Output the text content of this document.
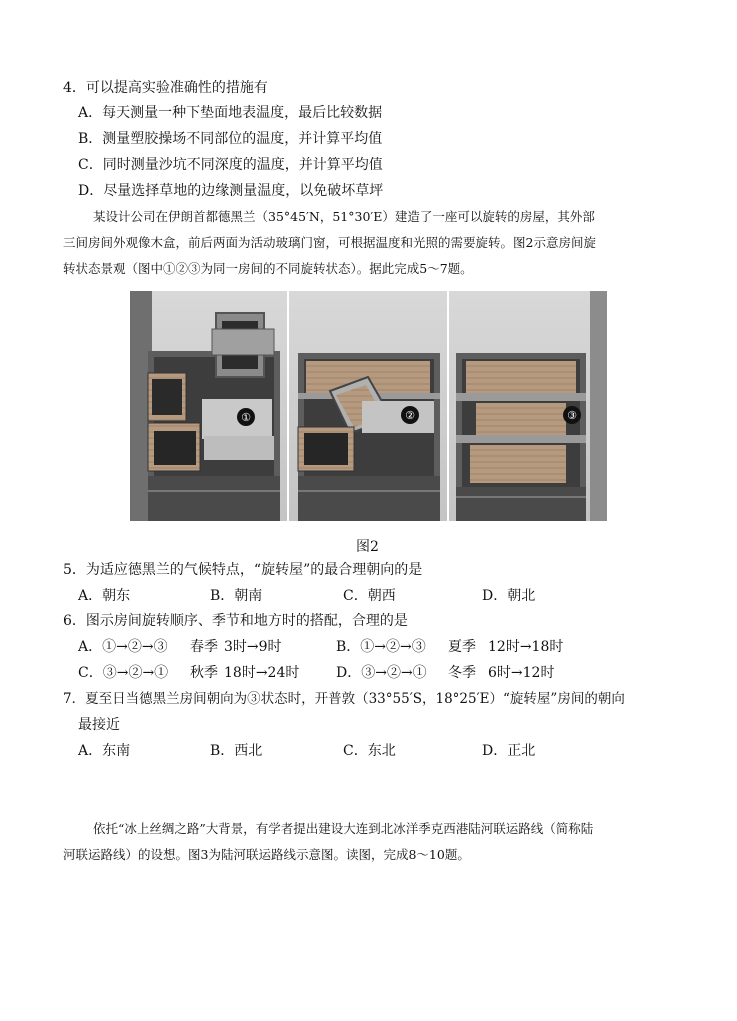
4．可以提高实验准确性的措施有
A．每天测量一种下垫面地表温度，最后比较数据
B．测量塑胶操场不同部位的温度，并计算平均值
C．同时测量沙坑不同深度的温度，并计算平均值
D．尽量选择草地的边缘测量温度，以免破坏草坪
某设计公司在伊朗首都德黑兰（35°45′N，51°30′E）建造了一座可以旋转的房屋，其外部
三间房间外观像木盒，前后两面为活动玻璃门窗，可根据温度和光照的需要旋转。图2示意房间旋
转状态景观（图中①②③为同一房间的不同旋转状态）。据此完成5～7题。
①	②	③
图2
5．为适应德黑兰的气候特点，“旋转屋”的最合理朝向的是
A．朝东	B．朝南	C．朝西	D．朝北
6．图示房间旋转顺序、季节和地方时的搭配，合理的是
A．①→②→③ 春季 3时→9时	B．①→②→③ 夏季 12时→18时
C．③→②→① 秋季 18时→24时	D．③→②→① 冬季 6时→12时
7．夏至日当德黑兰房间朝向为③状态时，开普敦（33°55′S，18°25′E）“旋转屋”房间的朝向
最接近
A．东南	B．西北	C．东北	D．正北
依托“冰上丝绸之路”大背景，有学者提出建设大连到北冰洋季克西港陆河联运路线（简称陆
河联运路线）的设想。图3为陆河联运路线示意图。读图，完成8～10题。
